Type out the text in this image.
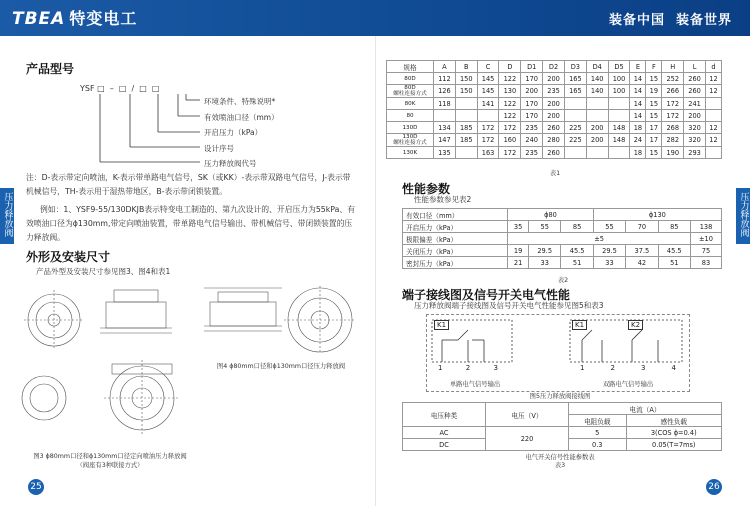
TBEA 特变电工	装备中国  装备世界
压力释放阀	压力释放阀
25	26
产品型号
YSF □  –  □  /  □  □
环境条件、特殊说明*
有效喷油口径（mm）
开启压力（kPa）
设计序号
压力释放阀代号
注：D-表示带定向喷油，K-表示带单路电气信号，SK（或KK）-表示带双路电气信号，J-表示带机械信号，TH-表示用于湿热带地区，B-表示带闭锁装置。
例如：1、YSF9-55/130DKJB表示特变电工制造的、第九次设计的、开启压力为55kPa、有效喷油口径为ϕ130mm,带定向喷油装置，带单路电气信号输出、带机械信号、带闭锁装置的压力释放阀。
外形及安装尺寸
产品外型及安装尺寸参见图3、图4和表1
图3 ϕ80mm口径和ϕ130mm口径定向喷油压力释放阀（阀座有3种联接方式）
图4 ϕ80mm口径和ϕ130mm口径压力释放阀
规格	A	B	C	D	D1	D2	D3	D4	D5	E	F	H	L	d
80D	112	150	145	122	170	200	165	140	100	14	15	252	260	12
80D
螺柱连接方式	126	150	145	130	200	235	165	140	100	14	19	266	260	12
80K	118		141	122	170	200				14	15	172	241	
80				122	170	200				14	15	172	200	
130D	134	185	172	172	235	260	225	200	148	18	17	268	320	12
130D
螺柱连接方式	147	185	172	160	240	280	225	200	148	24	17	282	320	12
130K	135		163	172	235	260				18	15	190	293	
表1
性能参数
性能参数参见表2
有效口径（mm）	ϕ80			ϕ130			
开启压力（kPa）	35	55	85	55	70	85	138
极限偏差（kPa）	±5						±10
关闭压力（kPa）	19	29.5	45.5	29.5	37.5	45.5	75
密封压力（kPa）	21	33	51	33	42	51	83
表2
端子接线图及信号开关电气性能
压力释放阀端子接线图及信号开关电气性能参见图5和表3
K1
1	2	3
单路电气信号输出
K1	K2
1	2	3	4
双路电气信号输出
图5压力释放阀接线图
电压种类	电压（V）	电流（A）	
		电阻负载	感性负载
AC	220	5	3(COS ϕ=0.4)
DC		0.3	0.05(T=7ms)
电气开关信号性能参数表
表3
